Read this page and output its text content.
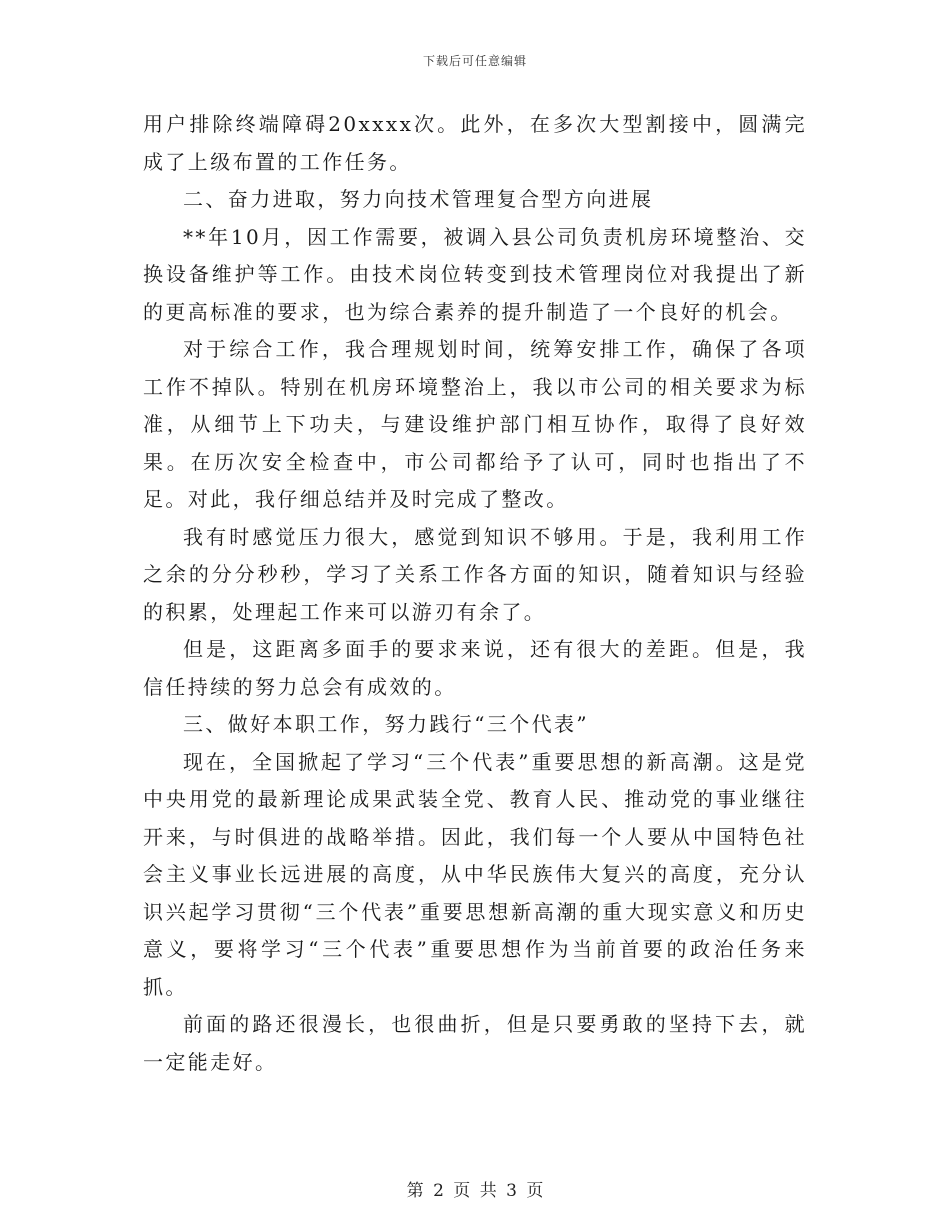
下载后可任意编辑

用户排除终端障碍20xxxx次。此外，在多次大型割接中，圆满完成了上级布置的工作任务。

二、奋力进取，努力向技术管理复合型方向进展

**年10月，因工作需要，被调入县公司负责机房环境整治、交换设备维护等工作。由技术岗位转变到技术管理岗位对我提出了新的更高标准的要求，也为综合素养的提升制造了一个良好的机会。

对于综合工作，我合理规划时间，统筹安排工作，确保了各项工作不掉队。特别在机房环境整治上，我以市公司的相关要求为标准，从细节上下功夫，与建设维护部门相互协作，取得了良好效果。在历次安全检查中，市公司都给予了认可，同时也指出了不足。对此，我仔细总结并及时完成了整改。

我有时感觉压力很大，感觉到知识不够用。于是，我利用工作之余的分分秒秒，学习了关系工作各方面的知识，随着知识与经验的积累，处理起工作来可以游刃有余了。

但是，这距离多面手的要求来说，还有很大的差距。但是，我信任持续的努力总会有成效的。

三、做好本职工作，努力践行“三个代表”

现在，全国掀起了学习“三个代表”重要思想的新高潮。这是党中央用党的最新理论成果武装全党、教育人民、推动党的事业继往开来，与时俱进的战略举措。因此，我们每一个人要从中国特色社会主义事业长远进展的高度，从中华民族伟大复兴的高度，充分认识兴起学习贯彻“三个代表”重要思想新高潮的重大现实意义和历史意义，要将学习“三个代表”重要思想作为当前首要的政治任务来抓。

前面的路还很漫长，也很曲折，但是只要勇敢的坚持下去，就一定能走好。

第 2 页 共 3 页
